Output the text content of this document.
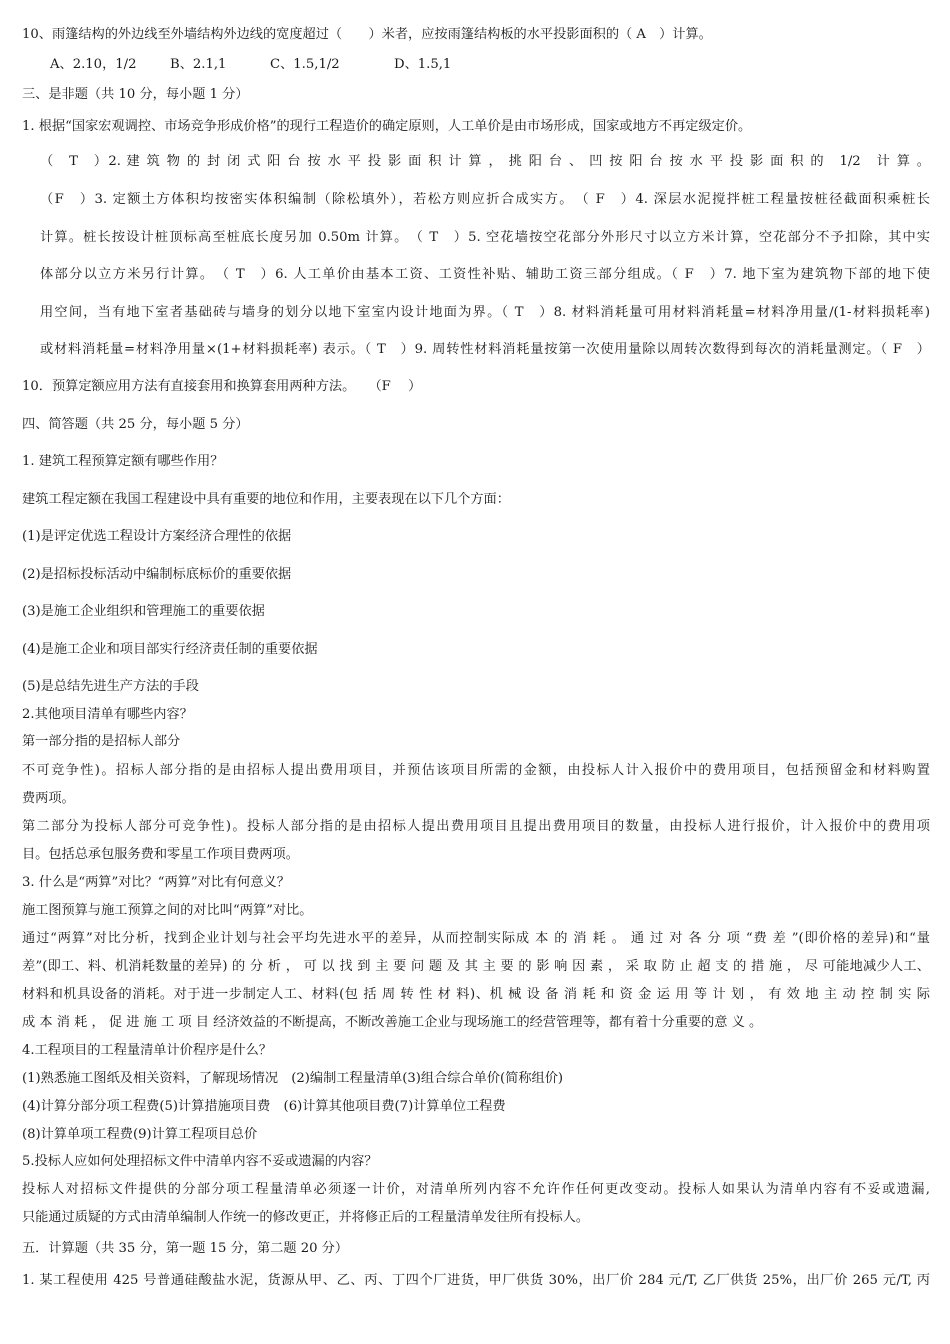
10、雨篷结构的外边线至外墙结构外边线的宽度超过（　　）米者，应按雨篷结构板的水平投影面积的（ A　）计算。
A、2.10，1/2	B、2.1,1	C、1.5,1/2	D、1.5,1
三、是非题（共 10 分，每小题 1 分）
1. 根据“国家宏观调控、市场竞争形成价格”的现行工程造价的确定原则，人工单价是由市场形成，国家或地方不再定级定价。
（　T　）2. 建 筑 物 的 封 闭 式 阳 台 按 水 平 投 影 面 积 计 算 ， 挑 阳 台 、 凹 按 阳 台 按 水 平 投 影 面 积 的　1/2　计 算 。
（F　）3. 定额土方体积均按密实体积编制（除松填外），若松方则应折合成实方。　（ F　）4. 深层水泥搅拌桩工程量按桩径截面积乘桩长
计算。桩长按设计桩顶标高至桩底长度另加 0.50m 计算。　（ T　）5. 空花墙按空花部分外形尺寸以立方米计算，空花部分不予扣除，其中实
体部分以立方米另行计算。　（ T　）6. 人工单价由基本工资、工资性补贴、辅助工资三部分组成。（ F　）7. 地下室为建筑物下部的地下使
用空间，当有地下室者基础砖与墙身的划分以地下室室内设计地面为界。（ T　）8. 材料消耗量可用材料消耗量=材料净用量/(1-材料损耗率)
或材料消耗量=材料净用量×(1+材料损耗率) 表示。（ T　）9. 周转性材料消耗量按第一次使用量除以周转次数得到每次的消耗量测定。（ F　）
10．预算定额应用方法有直接套用和换算套用两种方法。　　（F　 ）
四、简答题（共 25 分，每小题 5 分）
1. 建筑工程预算定额有哪些作用？
建筑工程定额在我国工程建设中具有重要的地位和作用，主要表现在以下几个方面：
(1)是评定优选工程设计方案经济合理性的依据
(2)是招标投标活动中编制标底标价的重要依据
(3)是施工企业组织和管理施工的重要依据
(4)是施工企业和项目部实行经济责任制的重要依据
(5)是总结先进生产方法的手段
2.其他项目清单有哪些内容？
第一部分指的是招标人部分
不可竞争性)。招标人部分指的是由招标人提出费用项目，并预估该项目所需的金额，由投标人计入报价中的费用项目，包括预留金和材料购置
费两项。
第二部分为投标人部分可竞争性)。投标人部分指的是由招标人提出费用项目且提出费用项目的数量，由投标人进行报价，计入报价中的费用项
目。包括总承包服务费和零星工作项目费两项。
3. 什么是“两算”对比？“两算”对比有何意义？
施工图预算与施工预算之间的对比叫“两算”对比。
通过“两算”对比分析，找到企业计划与社会平均先进水平的差异，从而控制实际成 本 的 消 耗 。 通 过 对 各 分 项 “费 差 ”(即价格的差异)和“量
差”(即工、料、机消耗数量的差异) 的 分 析 ， 可 以 找 到 主 要 问 题 及 其 主 要 的 影 响 因 素 ， 采 取 防 止 超 支 的 措 施 ， 尽 可能地减少人工、
材料和机具设备的消耗。对于进一步制定人工、材料(包 括 周 转 性 材 料)、机 械 设 备 消 耗 和 资 金 运 用 等 计 划 ， 有 效 地 主 动 控 制 实 际
成 本 消 耗 ， 促 进 施 工 项 目 经济效益的不断提高，不断改善施工企业与现场施工的经营管理等，都有着十分重要的意 义 。
4.工程项目的工程量清单计价程序是什么？
(1)熟悉施工图纸及相关资料，了解现场情况　(2)编制工程量清单(3)组合综合单价(简称组价)
(4)计算分部分项工程费(5)计算措施项目费　(6)计算其他项目费(7)计算单位工程费
(8)计算单项工程费(9)计算工程项目总价
5.投标人应如何处理招标文件中清单内容不妥或遗漏的内容？
投标人对招标文件提供的分部分项工程量清单必须逐一计价，对清单所列内容不允许作任何更改变动。投标人如果认为清单内容有不妥或遗漏,
只能通过质疑的方式由清单编制人作统一的修改更正，并将修正后的工程量清单发往所有投标人。
五．计算题（共 35 分，第一题 15 分，第二题 20 分）
1. 某工程使用 425 号普通硅酸盐水泥，货源从甲、乙、丙、丁四个厂进货，甲厂供货 30%，出厂价 284 元/T, 乙厂供货 25%，出厂价 265 元/T, 丙
